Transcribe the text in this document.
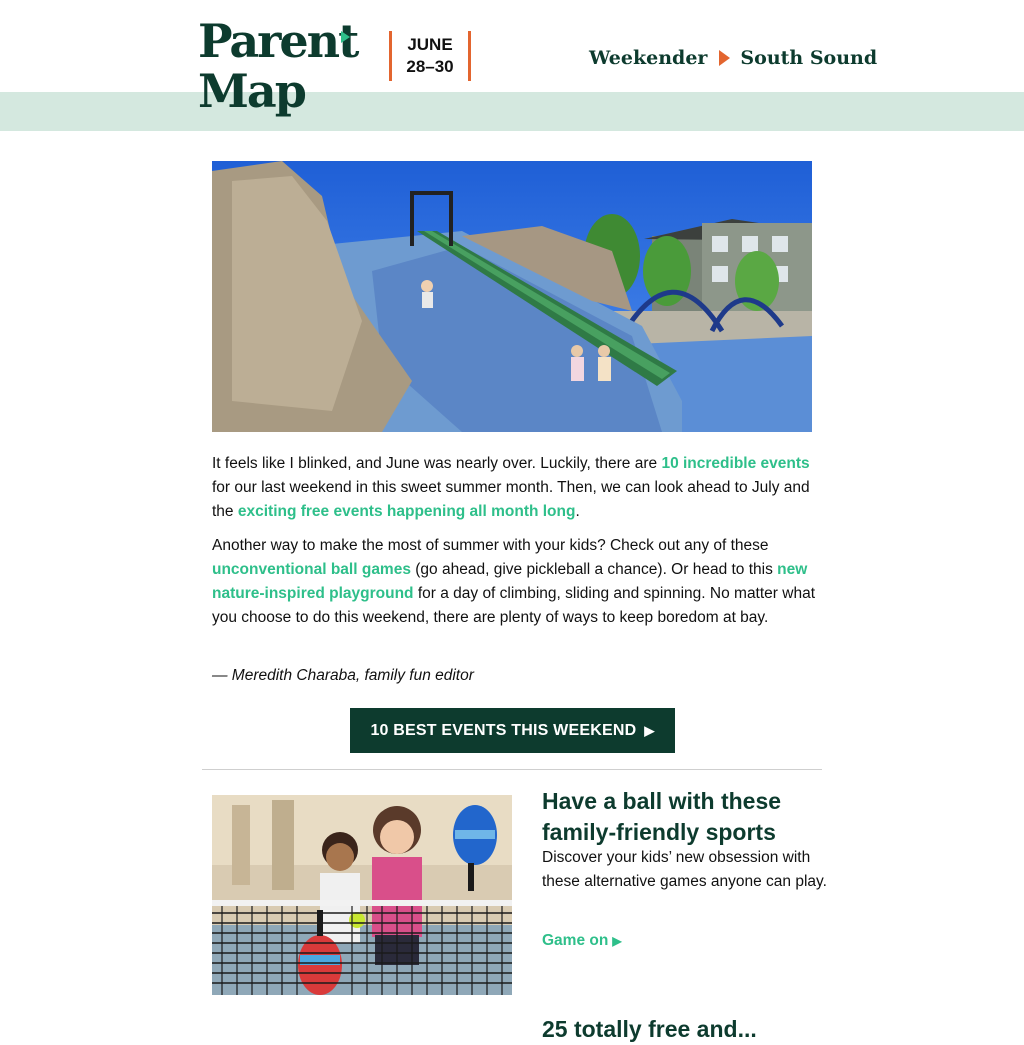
Parent
Map
JUNE
28–30	Weekender South Sound

It feels like I blinked, and June was nearly over. Luckily, there are 10 incredible events for our last weekend in this sweet summer month. Then, we can look ahead to July and the exciting free events happening all month long.

Another way to make the most of summer with your kids? Check out any of these unconventional ball games (go ahead, give pickleball a chance). Or head to this new nature-inspired playground for a day of climbing, sliding and spinning. No matter what you choose to do this weekend, there are plenty of ways to keep boredom at bay.

— Meredith Charaba, family fun editor

10 BEST EVENTS THIS WEEKEND ▶
Have a ball with these family-friendly sports

Discover your kids’ new obsession with these alternative games anyone can play.

Game on ▶
25 totally free and...
